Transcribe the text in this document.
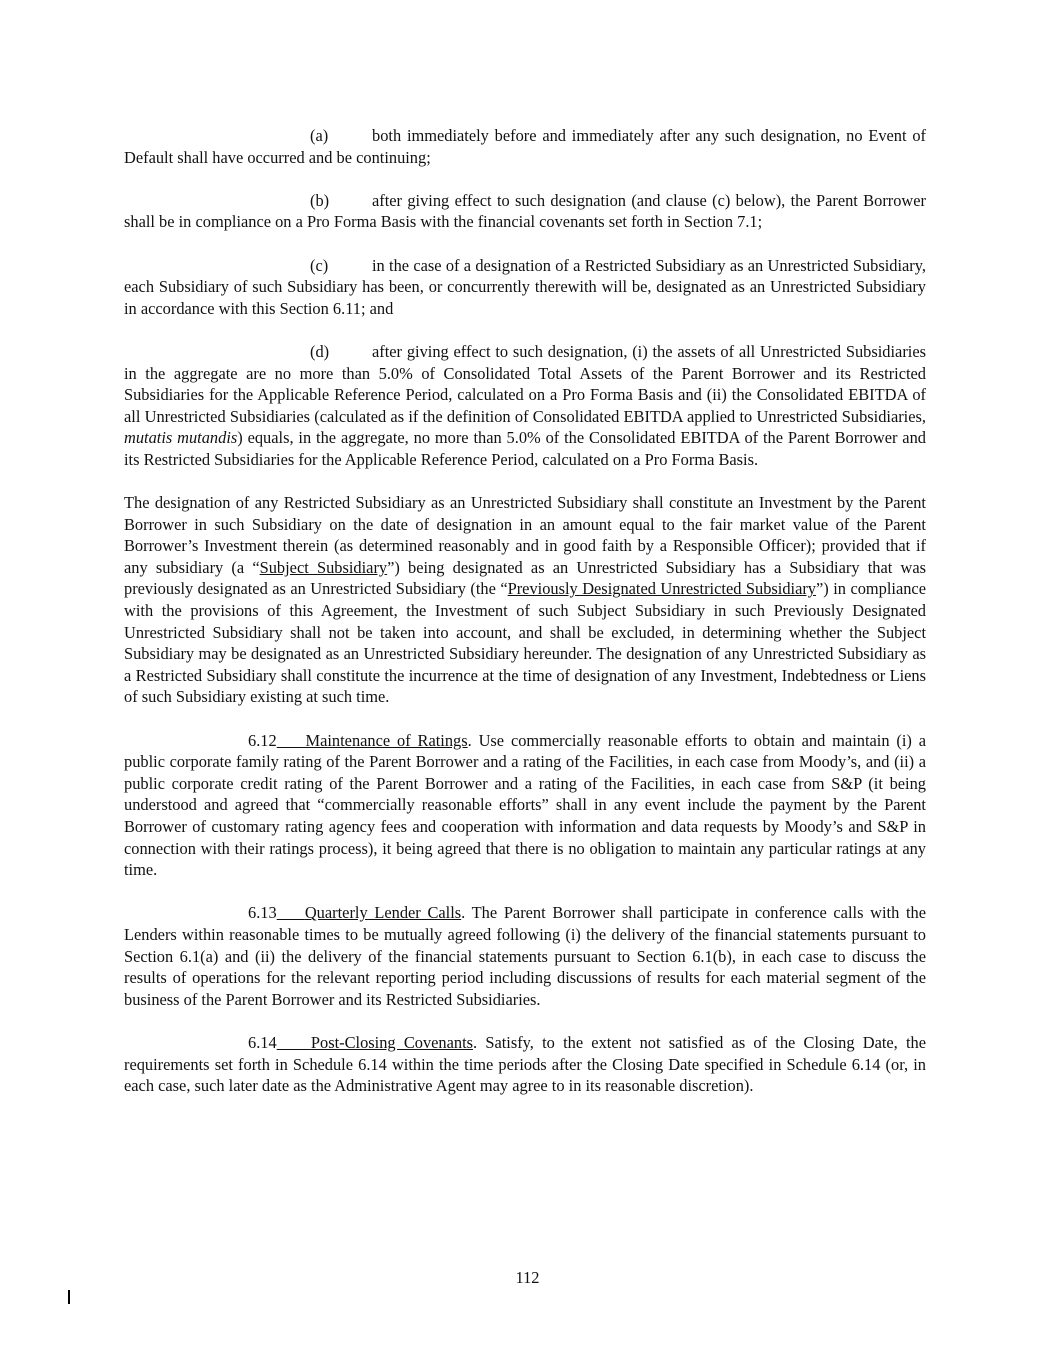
(a)	both immediately before and immediately after any such designation, no Event of Default shall have occurred and be continuing;

(b)	after giving effect to such designation (and clause (c) below), the Parent Borrower shall be in compliance on a Pro Forma Basis with the financial covenants set forth in Section 7.1;

(c)	in the case of a designation of a Restricted Subsidiary as an Unrestricted Subsidiary, each Subsidiary of such Subsidiary has been, or concurrently therewith will be, designated as an Unrestricted Subsidiary in accordance with this Section 6.11; and

(d)	after giving effect to such designation, (i) the assets of all Unrestricted Subsidiaries in the aggregate are no more than 5.0% of Consolidated Total Assets of the Parent Borrower and its Restricted Subsidiaries for the Applicable Reference Period, calculated on a Pro Forma Basis and (ii) the Consolidated EBITDA of all Unrestricted Subsidiaries (calculated as if the definition of Consolidated EBITDA applied to Unrestricted Subsidiaries, mutatis mutandis) equals, in the aggregate, no more than 5.0% of the Consolidated EBITDA of the Parent Borrower and its Restricted Subsidiaries for the Applicable Reference Period, calculated on a Pro Forma Basis.

The designation of any Restricted Subsidiary as an Unrestricted Subsidiary shall constitute an Investment by the Parent Borrower in such Subsidiary on the date of designation in an amount equal to the fair market value of the Parent Borrower’s Investment therein (as determined reasonably and in good faith by a Responsible Officer); provided that if any subsidiary (a “Subject Subsidiary”) being designated as an Unrestricted Subsidiary has a Subsidiary that was previously designated as an Unrestricted Subsidiary (the “Previously Designated Unrestricted Subsidiary”) in compliance with the provisions of this Agreement, the Investment of such Subject Subsidiary in such Previously Designated Unrestricted Subsidiary shall not be taken into account, and shall be excluded, in determining whether the Subject Subsidiary may be designated as an Unrestricted Subsidiary hereunder. The designation of any Unrestricted Subsidiary as a Restricted Subsidiary shall constitute the incurrence at the time of designation of any Investment, Indebtedness or Liens of such Subsidiary existing at such time.

6.12  Maintenance of Ratings. Use commercially reasonable efforts to obtain and maintain (i) a public corporate family rating of the Parent Borrower and a rating of the Facilities, in each case from Moody’s, and (ii) a public corporate credit rating of the Parent Borrower and a rating of the Facilities, in each case from S&P (it being understood and agreed that “commercially reasonable efforts” shall in any event include the payment by the Parent Borrower of customary rating agency fees and cooperation with information and data requests by Moody’s and S&P in connection with their ratings process), it being agreed that there is no obligation to maintain any particular ratings at any time.

6.13  Quarterly Lender Calls. The Parent Borrower shall participate in conference calls with the Lenders within reasonable times to be mutually agreed following (i) the delivery of the financial statements pursuant to Section 6.1(a) and (ii) the delivery of the financial statements pursuant to Section 6.1(b), in each case to discuss the results of operations for the relevant reporting period including discussions of results for each material segment of the business of the Parent Borrower and its Restricted Subsidiaries.

6.14  Post-Closing Covenants. Satisfy, to the extent not satisfied as of the Closing Date, the requirements set forth in Schedule 6.14 within the time periods after the Closing Date specified in Schedule 6.14 (or, in each case, such later date as the Administrative Agent may agree to in its reasonable discretion).

112
